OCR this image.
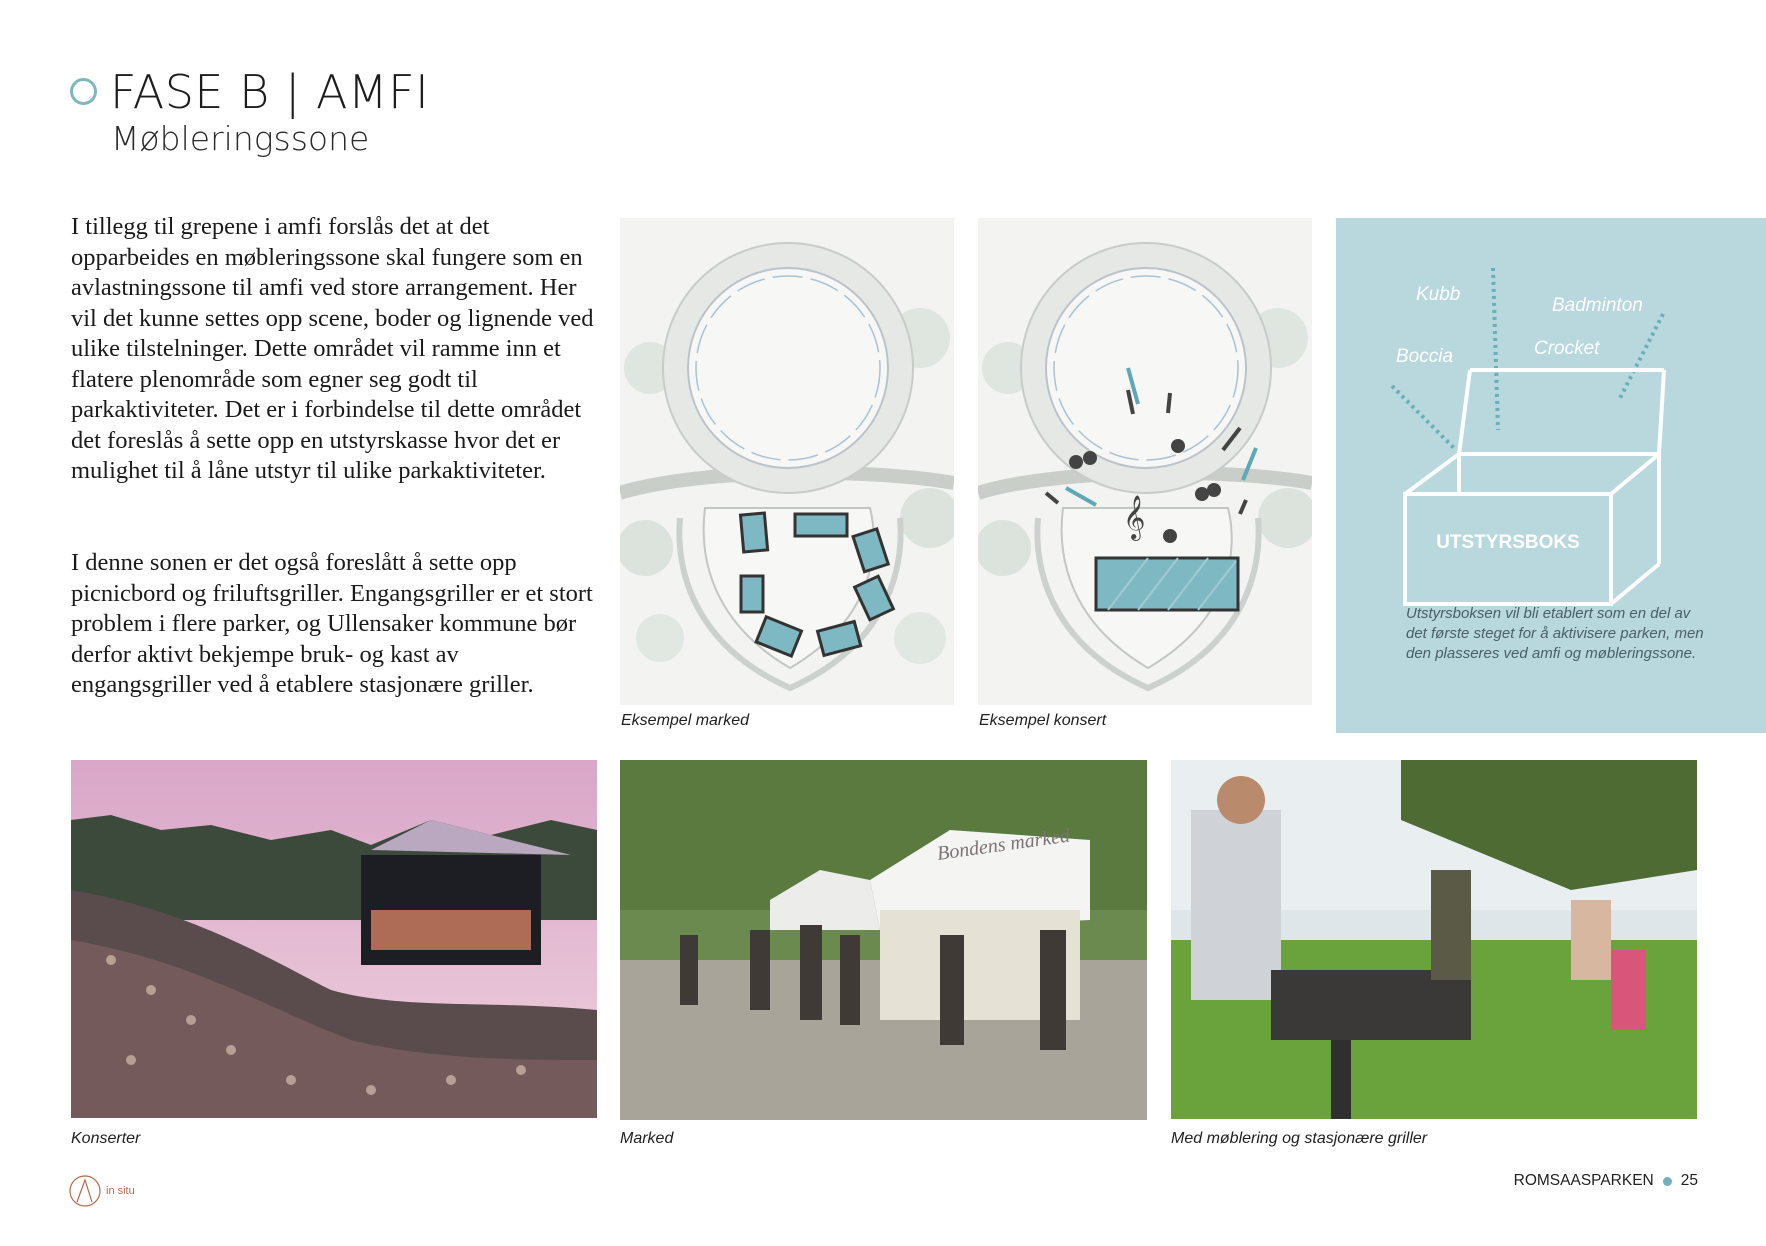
FASE B | AMFI
Møbleringssone
I tillegg til grepene i amfi forslås det at det opparbeides en møbleringssone skal fungere som en avlastningssone til amfi ved store arrangement. Her vil det kunne settes opp scene, boder og lignende ved ulike tilstelninger. Dette området vil ramme inn et flatere plenområde som egner seg godt til parkaktiviteter. Det er i forbindelse til dette området det foreslås å sette opp en utstyrskasse hvor det er mulighet til å låne utstyr til ulike parkaktiviteter.
I denne sonen er det også foreslått å sette opp picnicbord og friluftsgriller. Engangsgriller er et stort problem i flere parker, og Ullensaker kommune bør derfor aktivt bekjempe bruk- og kast av engangsgriller ved å etablere stasjonære griller.
Eksempel marked
𝄞
Eksempel konsert
Kubb
Badminton
Boccia	Crocket
UTSTYRSBOKS
Utstyrsboksen vil bli etablert som en del av det første steget for å aktivisere parken, men den plasseres ved amfi og møbleringssone.
Konserter
Bondens marked
Marked	Med møblering og stasjonære griller
in situ
ROMSAASPARKEN 25
